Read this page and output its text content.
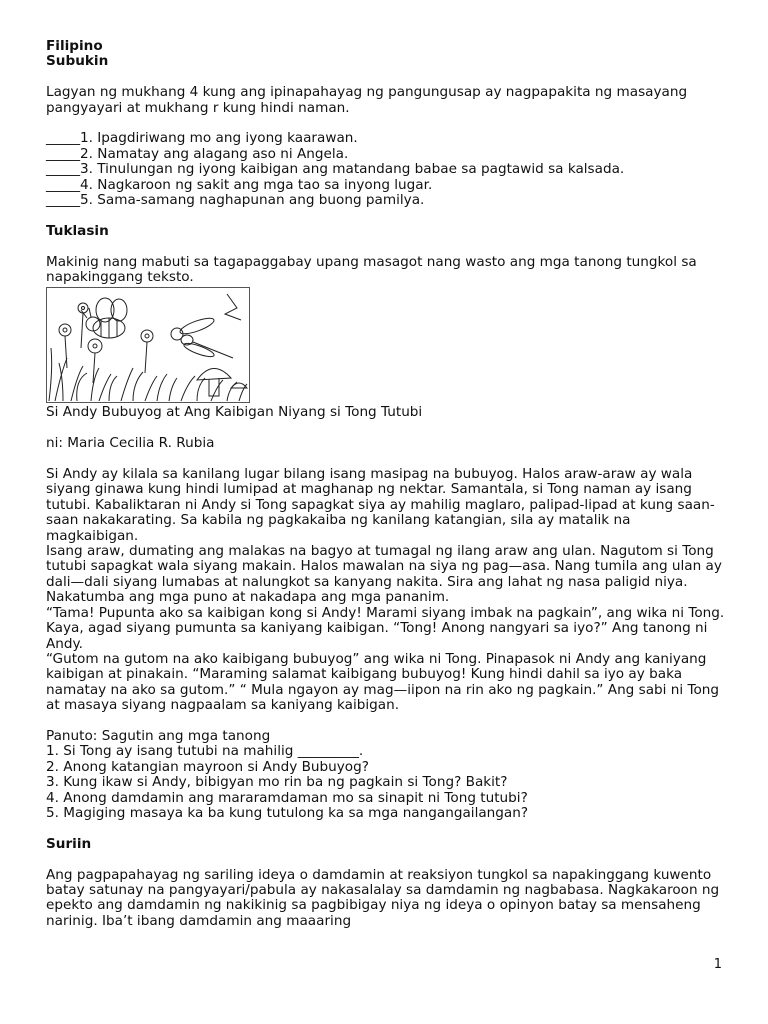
Filipino

Subukin

Lagyan ng mukhang 4 kung ang ipinapahayag ng pangungusap ay nagpapakita ng masayang pangyayari at mukhang r kung hindi naman.

_____1. Ipagdiriwang mo ang iyong kaarawan.

_____2. Namatay ang alagang aso ni Angela.

_____3. Tinulungan ng iyong kaibigan ang matandang babae sa pagtawid sa kalsada.

_____4. Nagkaroon ng sakit ang mga tao sa inyong lugar.

_____5. Sama-samang naghapunan ang buong pamilya.

Tuklasin

Makinig nang mabuti sa tagapaggabay upang masagot nang wasto ang mga tanong tungkol sa napakinggang teksto.

Si Andy Bubuyog at Ang Kaibigan Niyang si Tong Tutubi

ni: Maria Cecilia R. Rubia

Si Andy ay kilala sa kanilang lugar bilang isang masipag na bubuyog. Halos araw-araw ay wala siyang ginawa kung hindi lumipad at maghanap ng nektar. Samantala, si Tong naman ay isang tutubi. Kabaliktaran ni Andy si Tong sapagkat siya ay mahilig maglaro, palipad-lipad at kung saan-saan nakakarating. Sa kabila ng pagkakaiba ng kanilang katangian, sila ay matalik na magkaibigan.

Isang araw, dumating ang malakas na bagyo at tumagal ng ilang araw ang ulan. Nagutom si Tong tutubi sapagkat wala siyang makain. Halos mawalan na siya ng pag—asa. Nang tumila ang ulan ay dali—dali siyang lumabas at nalungkot sa kanyang nakita. Sira ang lahat ng nasa paligid niya. Nakatumba ang mga puno at nakadapa ang mga pananim.

“Tama! Pupunta ako sa kaibigan kong si Andy! Marami siyang imbak na pagkain”, ang wika ni Tong. Kaya, agad siyang pumunta sa kaniyang kaibigan. “Tong! Anong nangyari sa iyo?” Ang tanong ni Andy.

“Gutom na gutom na ako kaibigang bubuyog” ang wika ni Tong. Pinapasok ni Andy ang kaniyang kaibigan at pinakain. “Maraming salamat kaibigang bubuyog! Kung hindi dahil sa iyo ay baka namatay na ako sa gutom.” “ Mula ngayon ay mag—iipon na rin ako ng pagkain.” Ang sabi ni Tong at masaya siyang nagpaalam sa kaniyang kaibigan.

Panuto: Sagutin ang mga tanong

1. Si Tong ay isang tutubi na mahilig _________.

2. Anong katangian mayroon si Andy Bubuyog?

3. Kung ikaw si Andy, bibigyan mo rin ba ng pagkain si Tong? Bakit?

4. Anong damdamin ang mararamdaman mo sa sinapit ni Tong tutubi?

5. Magiging masaya ka ba kung tutulong ka sa mga nangangailangan?

Suriin

Ang pagpapahayag ng sariling ideya o damdamin at reaksiyon tungkol sa napakinggang kuwento batay satunay na pangyayari/pabula ay nakasalalay sa damdamin ng nagbabasa. Nagkakaroon ng epekto ang damdamin ng nakikinig sa pagbibigay niya ng ideya o opinyon batay sa mensaheng narinig. Iba’t ibang damdamin ang maaaring

1
